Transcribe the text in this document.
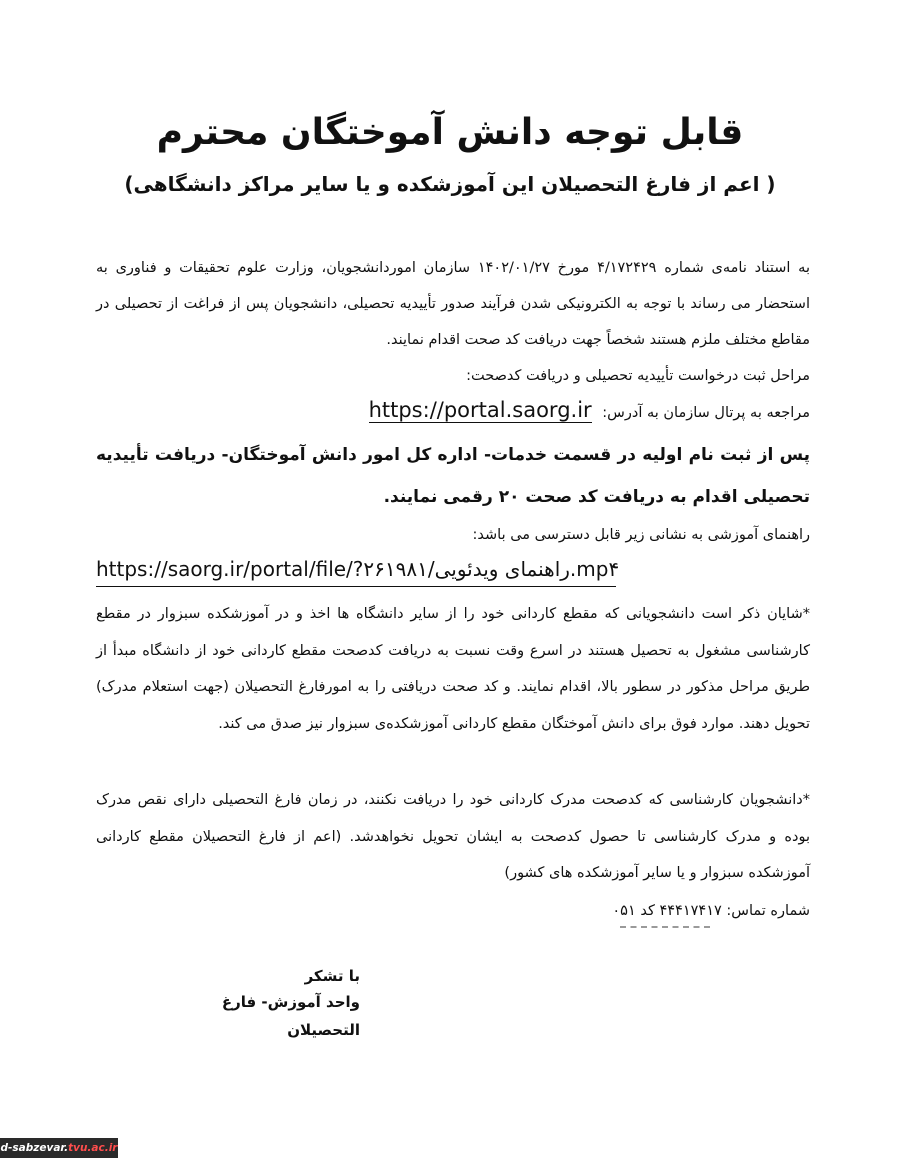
قابل توجه دانش آموختگان محترم
( اعم از فارغ التحصیلان این آموزشکده و یا سایر مراکز دانشگاهی)
به استناد نامه‌ی شماره ۴/۱۷۲۴۲۹ مورخ ۱۴۰۲/۰۱/۲۷ سازمان اموردانشجویان، وزارت علوم تحقیقات و فناوری به استحضار می رساند با توجه به الکترونیکی شدن فرآیند صدور تأییدیه تحصیلی، دانشجویان پس از فراغت از تحصیلی در مقاطع مختلف ملزم هستند شخصاً جهت دریافت کد صحت اقدام نمایند.
مراحل ثبت درخواست تأییدیه تحصیلی و دریافت کدصحت:
مراجعه به پرتال سازمان به آدرس: https://portal.saorg.ir
پس از ثبت نام اولیه در قسمت خدمات- اداره کل امور دانش آموختگان- دریافت تأییدیه تحصیلی اقدام به دریافت کد صحت ۲۰ رقمی نمایند.
راهنمای آموزشی به نشانی زیر قابل دسترسی می باشد:
https://saorg.ir/portal/file/?۲۶۱۹۸۱/راهنمای ویدئویی.mp۴
*شایان ذکر است دانشجویانی که مقطع کاردانی خود را از سایر دانشگاه ها اخذ و در آموزشکده سبزوار در مقطع کارشناسی مشغول به تحصیل هستند در اسرع وقت نسبت به دریافت کدصحت مقطع کاردانی خود از دانشگاه مبدأ از طریق مراحل مذکور در سطور بالا، اقدام نمایند. و کد صحت دریافتی را به امورفارغ التحصیلان (جهت استعلام مدرک) تحویل دهند. موارد فوق برای دانش آموختگان مقطع کاردانی آموزشکده‌ی سبزوار نیز صدق می کند.
*دانشجویان کارشناسی که کدصحت مدرک کاردانی خود را دریافت نکنند، در زمان فارغ التحصیلی دارای نقص مدرک بوده و مدرک کارشناسی تا حصول کدصحت به ایشان تحویل نخواهدشد. (اعم از فارغ التحصیلان مقطع کاردانی آموزشکده سبزوار و یا سایر آموزشکده های کشور)
شماره تماس: ۴۴۴۱۷۴۱۷ کد ۰۵۱
با تشکر
واحد آموزش- فارغ التحصیلان
d-sabzevar.tvu.ac.ir
